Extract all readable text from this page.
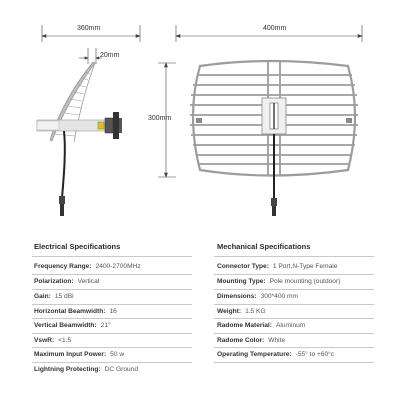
360mm
20mm
400mm
300mm
Electrical Specifications	Mechanical Specifications
Frequency Range: 2400-2700MHz
Polarization: Vertical
Gain: 15 dBi
Horizontal Beamwidth: 16
Vertical Beamwidth: 21°
VswR: <1.5
Maximum Input Power: 50 w
Lightning Protecting: DC Ground
Connector Type: 1 Port,N-Type Female
Mounting Type: Pole mounting (outdoor)
Dimensions: 300*400 mm
Weight: 1.5 KG
Radome Material: Aluminum
Radome Color: White
Operating Temperature: -55° to +60°c
